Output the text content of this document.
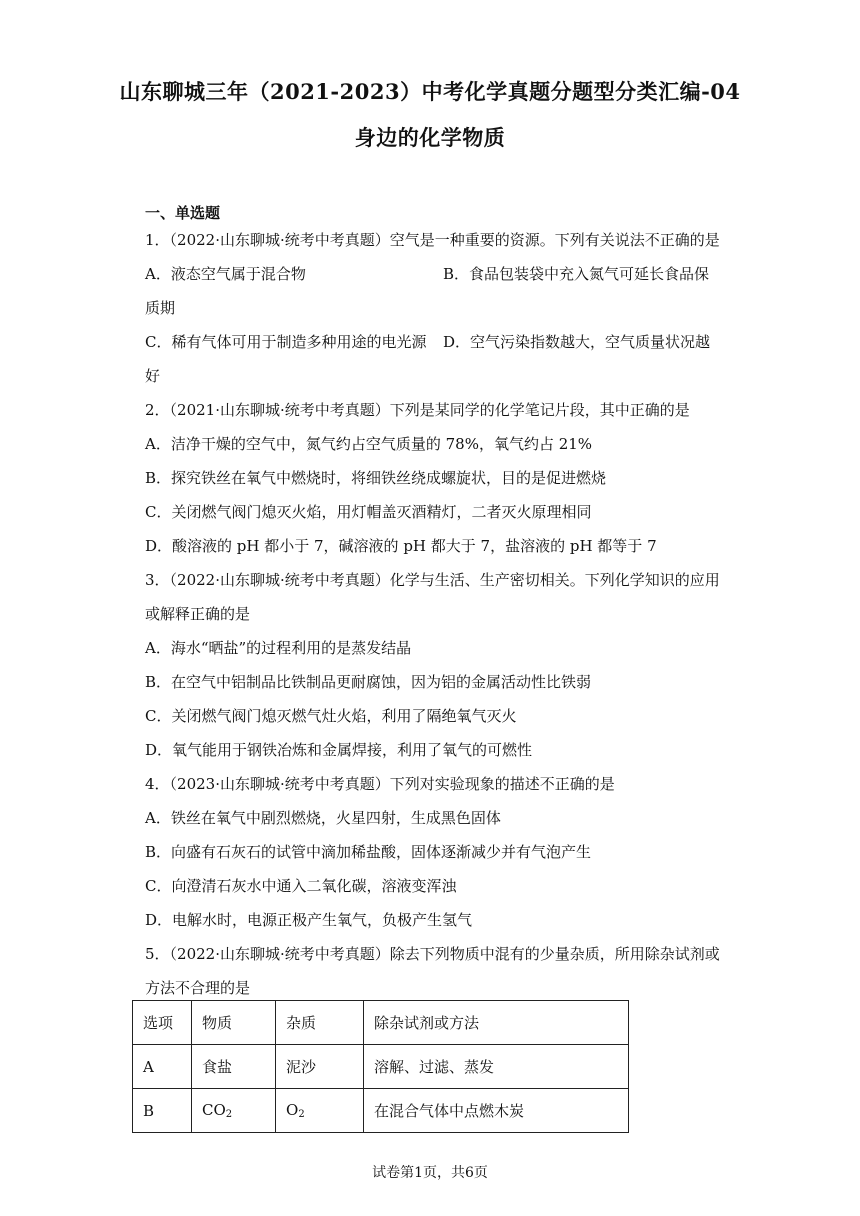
山东聊城三年（2021-2023）中考化学真题分题型分类汇编-04
身边的化学物质
一、单选题
1．（2022·山东聊城·统考中考真题）空气是一种重要的资源。下列有关说法不正确的是
A．液态空气属于混合物	B．食品包装袋中充入氮气可延长食品保
质期
C．稀有气体可用于制造多种用途的电光源 D．空气污染指数越大，空气质量状况越
好
2．（2021·山东聊城·统考中考真题）下列是某同学的化学笔记片段，其中正确的是
A．洁净干燥的空气中，氮气约占空气质量的 78%，氧气约占 21%
B．探究铁丝在氧气中燃烧时，将细铁丝绕成螺旋状，目的是促进燃烧
C．关闭燃气阀门熄灭火焰，用灯帽盖灭酒精灯，二者灭火原理相同
D．酸溶液的 pH 都小于 7，碱溶液的 pH 都大于 7，盐溶液的 pH 都等于 7
3．（2022·山东聊城·统考中考真题）化学与生活、生产密切相关。下列化学知识的应用
或解释正确的是
A．海水“晒盐”的过程利用的是蒸发结晶
B．在空气中铝制品比铁制品更耐腐蚀，因为铝的金属活动性比铁弱
C．关闭燃气阀门熄灭燃气灶火焰，利用了隔绝氧气灭火
D．氧气能用于钢铁冶炼和金属焊接，利用了氧气的可燃性
4．（2023·山东聊城·统考中考真题）下列对实验现象的描述不正确的是
A．铁丝在氧气中剧烈燃烧，火星四射，生成黑色固体
B．向盛有石灰石的试管中滴加稀盐酸，固体逐渐减少并有气泡产生
C．向澄清石灰水中通入二氧化碳，溶液变浑浊
D．电解水时，电源正极产生氧气，负极产生氢气
5．（2022·山东聊城·统考中考真题）除去下列物质中混有的少量杂质，所用除杂试剂或
方法不合理的是
选项	物质	杂质	除杂试剂或方法
A	食盐	泥沙	溶解、过滤、蒸发
B	$CO_2$	$O_2$	在混合气体中点燃木炭
试卷第1页，共6页
